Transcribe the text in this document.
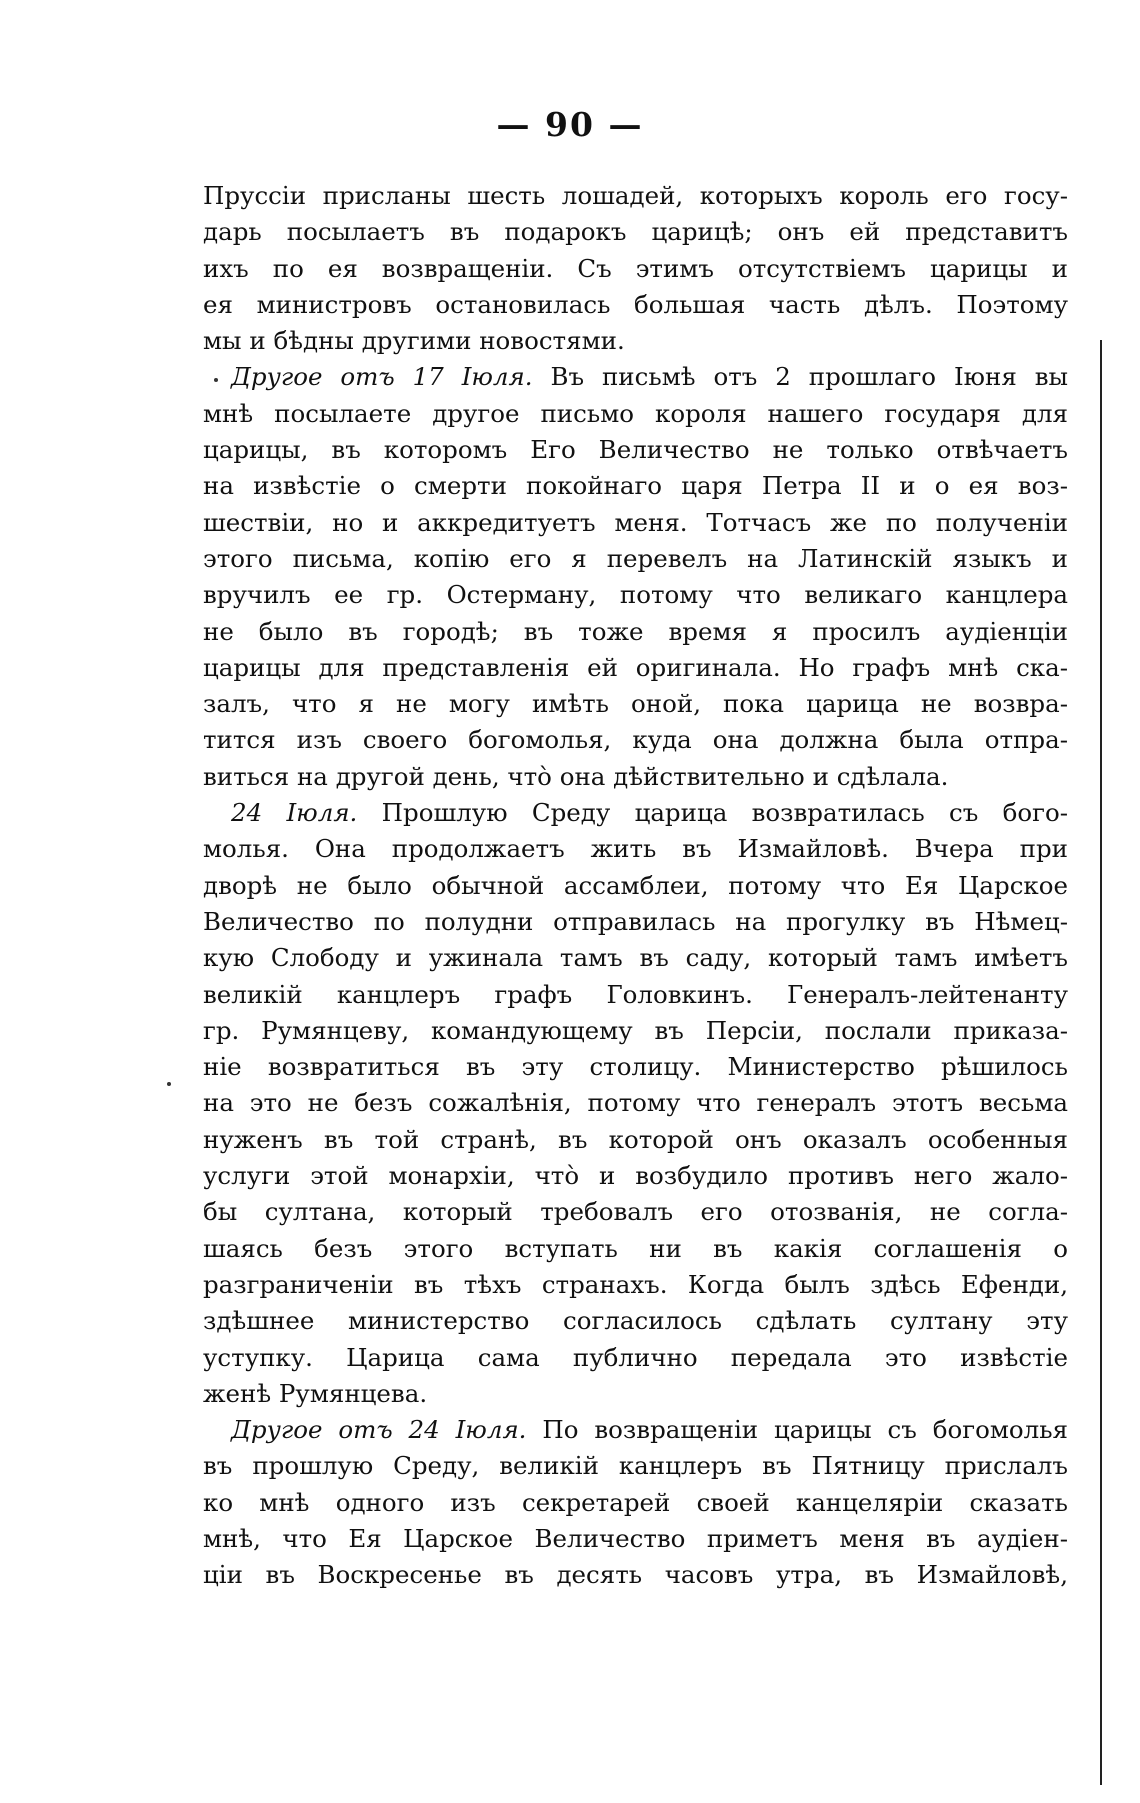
— 90 —
Пруссіи присланы шесть лошадей, которыхъ король его госу-
дарь посылаетъ въ подарокъ царицѣ; онъ ей представитъ
ихъ по ея возвращеніи. Съ этимъ отсутствіемъ царицы и
ея министровъ остановилась большая часть дѣлъ. Поэтому
мы и бѣдны другими новостями.
Другое отъ 17 Іюля. Въ письмѣ отъ 2 прошлаго Іюня вы
мнѣ посылаете другое письмо короля нашего государя для
царицы, въ которомъ Его Величество не только отвѣчаетъ
на извѣстіе о смерти покойнаго царя Петра II и о ея воз-
шествіи, но и аккредитуетъ меня. Тотчасъ же по полученіи
этого письма, копію его я перевелъ на Латинскій языкъ и
вручилъ ее гр. Остерману, потому что великаго канцлера
не было въ городѣ; въ тоже время я просилъ аудіенціи
царицы для представленія ей оригинала. Но графъ мнѣ ска-
залъ, что я не могу имѣть оной, пока царица не возвра-
тится изъ своего богомолья, куда она должна была отпра-
виться на другой день, что̀ она дѣйствительно и сдѣлала.
24 Іюля. Прошлую Среду царица возвратилась съ бого-
молья. Она продолжаетъ жить въ Измайловѣ. Вчера при
дворѣ не было обычной ассамблеи, потому что Ея Царское
Величество по полудни отправилась на прогулку въ Нѣмец-
кую Слободу и ужинала тамъ въ саду, который тамъ имѣетъ
великій канцлеръ графъ Головкинъ. Генералъ-лейтенанту
гр. Румянцеву, командующему въ Персіи, послали приказа-
ніе возвратиться въ эту столицу. Министерство рѣшилось
на это не безъ сожалѣнія, потому что генералъ этотъ весьма
нуженъ въ той странѣ, въ которой онъ оказалъ особенныя
услуги этой монархіи, что̀ и возбудило противъ него жало-
бы султана, который требовалъ его отозванія, не согла-
шаясь безъ этого вступать ни въ какія соглашенія о
разграниченіи въ тѣхъ странахъ. Когда былъ здѣсь Ефенди,
здѣшнее министерство согласилось сдѣлать султану эту
уступку. Царица сама публично передала это извѣстіе
женѣ Румянцева.
Другое отъ 24 Іюля. По возвращеніи царицы съ богомолья
въ прошлую Среду, великій канцлеръ въ Пятницу прислалъ
ко мнѣ одного изъ секретарей своей канцеляріи сказать
мнѣ, что Ея Царское Величество приметъ меня въ аудіен-
ціи въ Воскресенье въ десять часовъ утра, въ Измайловѣ,
